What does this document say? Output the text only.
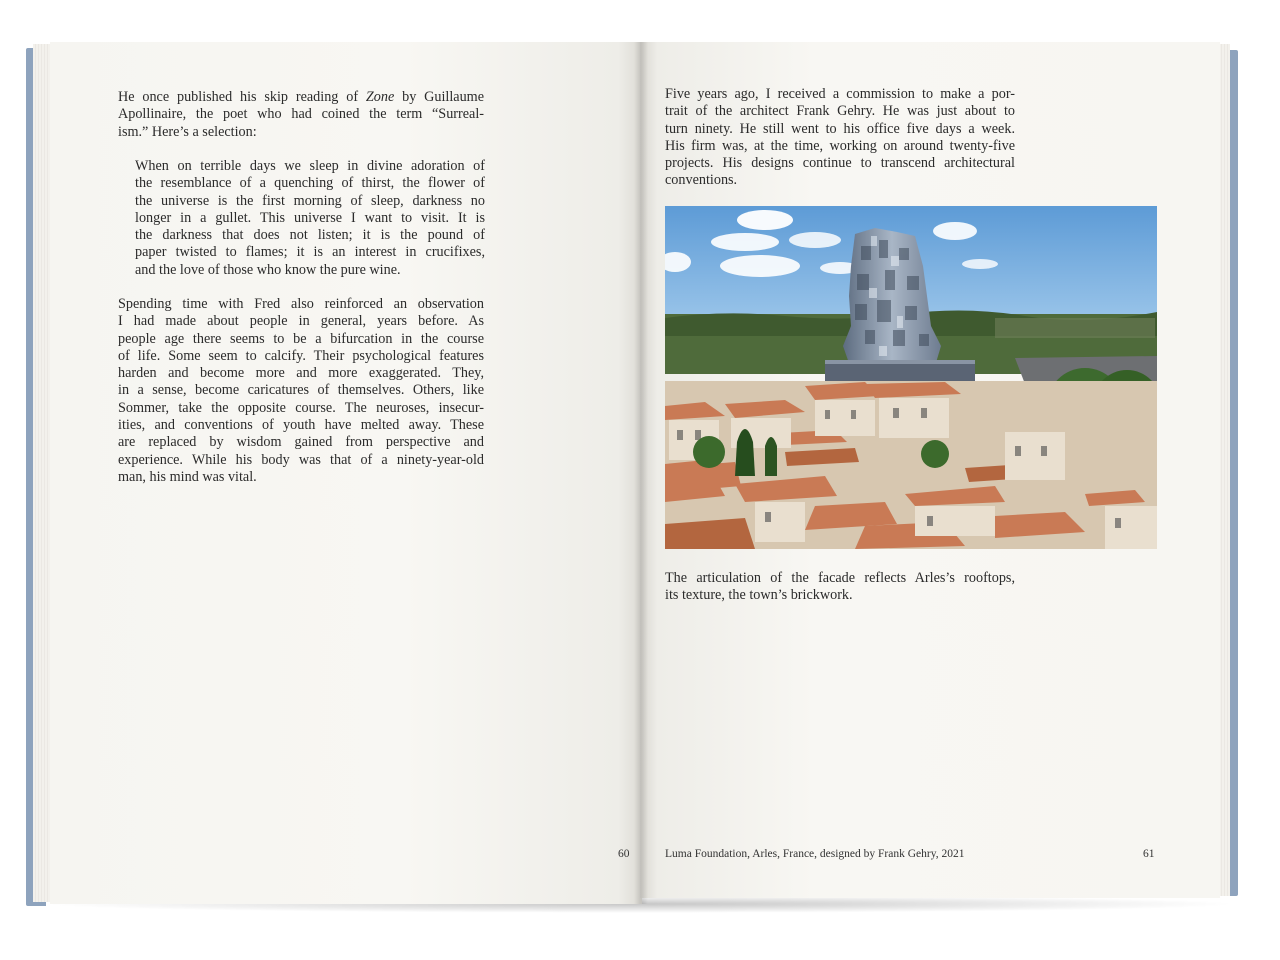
He once published his skip reading of Zone by Guillaume
Apollinaire, the poet who had coined the term “Surreal-
ism.” Here’s a selection:
When on terrible days we sleep in divine adoration of
the resemblance of a quenching of thirst, the flower of
the universe is the first morning of sleep, darkness no
longer in a gullet. This universe I want to visit. It is
the darkness that does not listen; it is the pound of
paper twisted to flames; it is an interest in crucifixes,
and the love of those who know the pure wine.
Spending time with Fred also reinforced an observation
I had made about people in general, years before. As
people age there seems to be a bifurcation in the course
of life. Some seem to calcify. Their psychological features
harden and become more and more exaggerated. They,
in a sense, become caricatures of themselves. Others, like
Sommer, take the opposite course. The neuroses, insecur-
ities, and conventions of youth have melted away. These
are replaced by wisdom gained from perspective and
experience. While his body was that of a ninety-year-old
man, his mind was vital.
60
Five years ago, I received a commission to make a por-
trait of the architect Frank Gehry. He was just about to
turn ninety. He still went to his office five days a week.
His firm was, at the time, working on around twenty-five
projects. His designs continue to transcend architectural
conventions.
The articulation of the facade reflects Arles’s rooftops,
its texture, the town’s brickwork.
Luma Foundation, Arles, France, designed by Frank Gehry, 2021	61
